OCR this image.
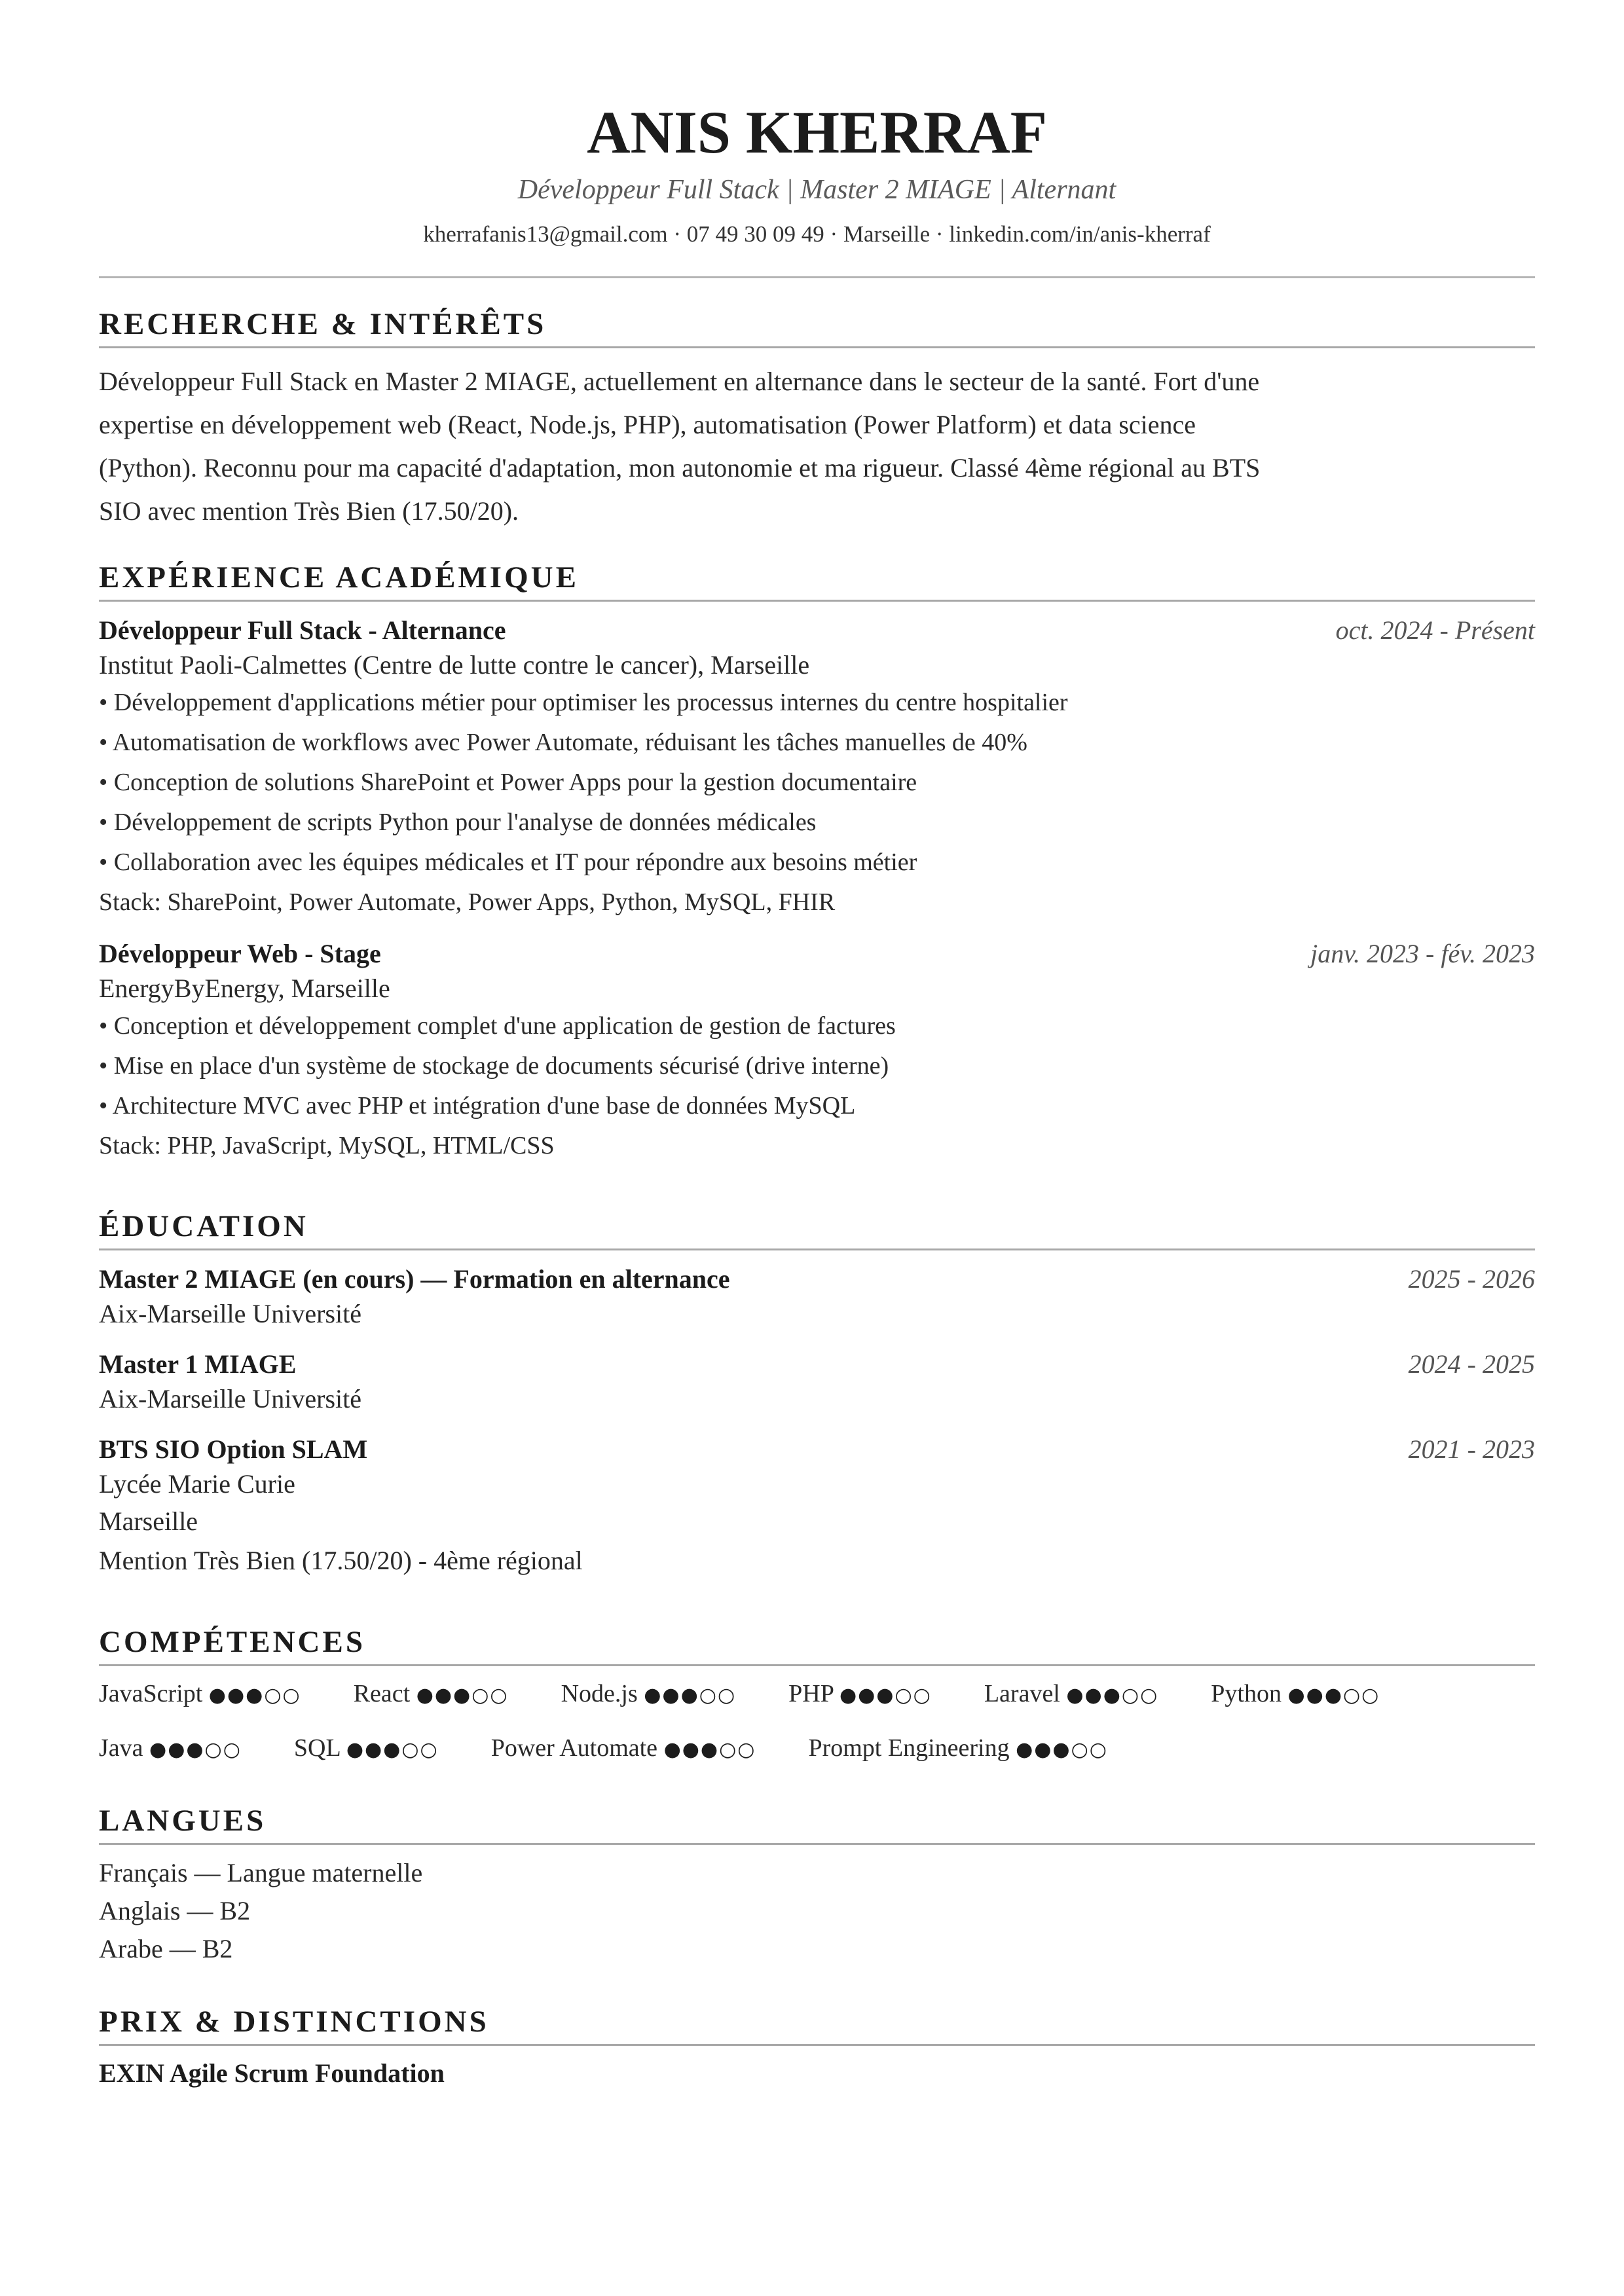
ANIS KHERRAF
Développeur Full Stack | Master 2 MIAGE | Alternant
kherrafanis13@gmail.com · 07 49 30 09 49 · Marseille · linkedin.com/in/anis-kherraf
RECHERCHE & INTÉRÊTS
Développeur Full Stack en Master 2 MIAGE, actuellement en alternance dans le secteur de la santé. Fort d'une
expertise en développement web (React, Node.js, PHP), automatisation (Power Platform) et data science
(Python). Reconnu pour ma capacité d'adaptation, mon autonomie et ma rigueur. Classé 4ème régional au BTS
SIO avec mention Très Bien (17.50/20).
EXPÉRIENCE ACADÉMIQUE
Développeur Full Stack - Alternance	oct. 2024 - Présent
Institut Paoli-Calmettes (Centre de lutte contre le cancer), Marseille
• Développement d'applications métier pour optimiser les processus internes du centre hospitalier
• Automatisation de workflows avec Power Automate, réduisant les tâches manuelles de 40%
• Conception de solutions SharePoint et Power Apps pour la gestion documentaire
• Développement de scripts Python pour l'analyse de données médicales
• Collaboration avec les équipes médicales et IT pour répondre aux besoins métier
Stack: SharePoint, Power Automate, Power Apps, Python, MySQL, FHIR
Développeur Web - Stage	janv. 2023 - fév. 2023
EnergyByEnergy, Marseille
• Conception et développement complet d'une application de gestion de factures
• Mise en place d'un système de stockage de documents sécurisé (drive interne)
• Architecture MVC avec PHP et intégration d'une base de données MySQL
Stack: PHP, JavaScript, MySQL, HTML/CSS
ÉDUCATION
Master 2 MIAGE (en cours) — Formation en alternance	2025 - 2026
Aix-Marseille Université
Master 1 MIAGE	2024 - 2025
Aix-Marseille Université
BTS SIO Option SLAM	2021 - 2023
Lycée Marie Curie
Marseille
Mention Très Bien (17.50/20) - 4ème régional
COMPÉTENCES
JavaScript ●●●○○ React ●●●○○ Node.js ●●●○○ PHP ●●●○○ Laravel ●●●○○ Python ●●●○○
Java ●●●○○ SQL ●●●○○ Power Automate ●●●○○ Prompt Engineering ●●●○○
LANGUES
Français — Langue maternelle
Anglais — B2
Arabe — B2
PRIX & DISTINCTIONS
EXIN Agile Scrum Foundation
